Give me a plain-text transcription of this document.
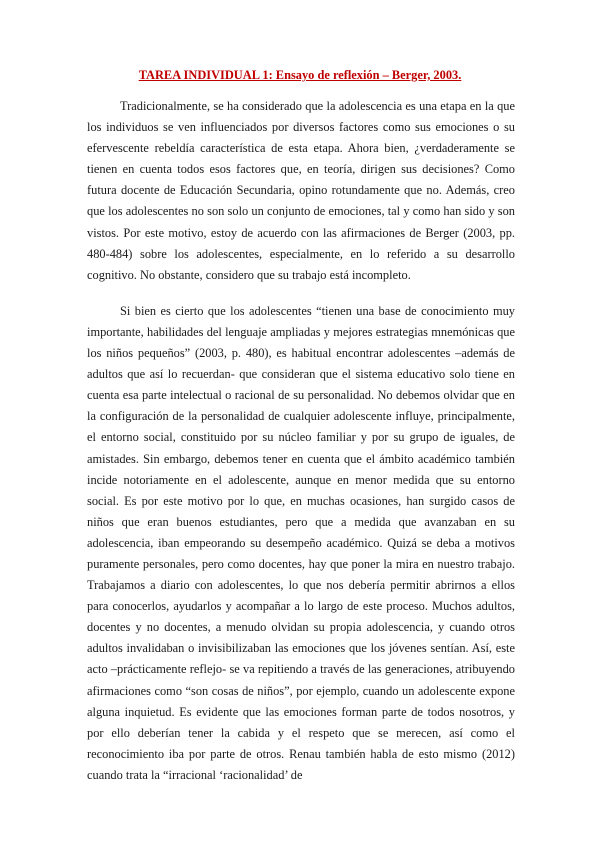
TAREA INDIVIDUAL 1: Ensayo de reflexión – Berger, 2003.

Tradicionalmente, se ha considerado que la adolescencia es una etapa en la que los individuos se ven influenciados por diversos factores como sus emociones o su efervescente rebeldía característica de esta etapa. Ahora bien, ¿verdaderamente se tienen en cuenta todos esos factores que, en teoría, dirigen sus decisiones? Como futura docente de Educación Secundaria, opino rotundamente que no. Además, creo que los adolescentes no son solo un conjunto de emociones, tal y como han sido y son vistos. Por este motivo, estoy de acuerdo con las afirmaciones de Berger (2003, pp. 480-484) sobre los adolescentes, especialmente, en lo referido a su desarrollo cognitivo. No obstante, considero que su trabajo está incompleto.

Si bien es cierto que los adolescentes “tienen una base de conocimiento muy importante, habilidades del lenguaje ampliadas y mejores estrategias mnemónicas que los niños pequeños” (2003, p. 480), es habitual encontrar adolescentes –además de adultos que así lo recuerdan- que consideran que el sistema educativo solo tiene en cuenta esa parte intelectual o racional de su personalidad. No debemos olvidar que en la configuración de la personalidad de cualquier adolescente influye, principalmente, el entorno social, constituido por su núcleo familiar y por su grupo de iguales, de amistades. Sin embargo, debemos tener en cuenta que el ámbito académico también incide notoriamente en el adolescente, aunque en menor medida que su entorno social. Es por este motivo por lo que, en muchas ocasiones, han surgido casos de niños que eran buenos estudiantes, pero que a medida que avanzaban en su adolescencia, iban empeorando su desempeño académico. Quizá se deba a motivos puramente personales, pero como docentes, hay que poner la mira en nuestro trabajo. Trabajamos a diario con adolescentes, lo que nos debería permitir abrirnos a ellos para conocerlos, ayudarlos y acompañar a lo largo de este proceso. Muchos adultos, docentes y no docentes, a menudo olvidan su propia adolescencia, y cuando otros adultos invalidaban o invisibilizaban las emociones que los jóvenes sentían. Así, este acto –prácticamente reflejo- se va repitiendo a través de las generaciones, atribuyendo afirmaciones como “son cosas de niños”, por ejemplo, cuando un adolescente expone alguna inquietud. Es evidente que las emociones forman parte de todos nosotros, y por ello deberían tener la cabida y el respeto que se merecen, así como el reconocimiento iba por parte de otros. Renau también habla de esto mismo (2012) cuando trata la “irracional ‘racionalidad’ de
